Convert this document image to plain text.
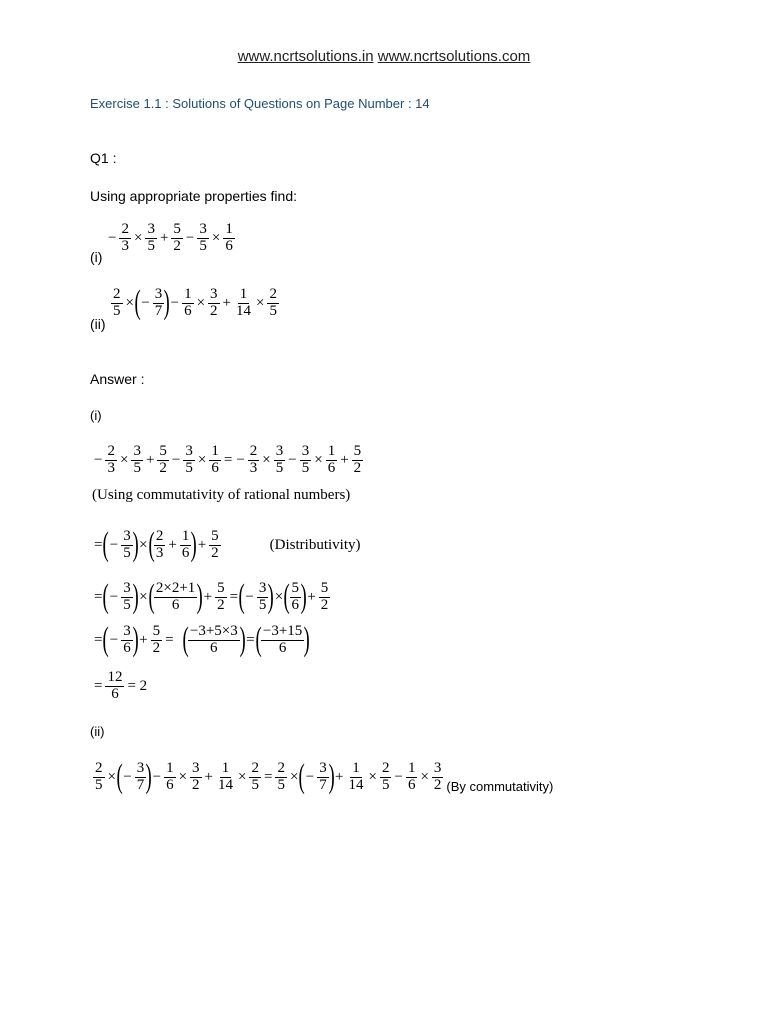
www.ncrtsolutions.in www.ncrtsolutions.com
Exercise 1.1 : Solutions of Questions on Page Number : 14
Q1 :
Using appropriate properties find:
(i)
− $\frac{2}{3} \times \frac{3}{5} + \frac{5}{2} - \frac{3}{5} \times \frac{1}{6}$
(ii)
$\frac{2}{5}$ × ( − $\frac{3}{7}$ ) − $\frac{1}{6} \times \frac{3}{2} + \frac{1}{14} \times \frac{2}{5}$
Answer :
(i)
− $\frac{2}{3} \times \frac{3}{5} + \frac{5}{2} - \frac{3}{5} \times \frac{1}{6}$ = − $\frac{2}{3} \times \frac{3}{5} - \frac{3}{5} \times \frac{1}{6} + \frac{5}{2}$
(Using commutativity of rational numbers)
= ( − $\frac{3}{5}$ ) × ( $\frac{2}{3} + \frac{1}{6}$ ) + $\frac{5}{2}$	(Distributivity)
= ( − $\frac{3}{5}$ ) × ( $\frac{2\times 2+1}{6}$ ) + $\frac{5}{2}$ = ( − $\frac{3}{5}$ ) × ( $\frac{5}{6}$ ) + $\frac{5}{2}$
= ( − $\frac{3}{6}$ ) + $\frac{5}{2}$ = ( $\frac{-3+5\times 3}{6}$ ) = ( $\frac{-3+15}{6}$ )
= $\frac{12}{6} = 2$
(ii)
$\frac{2}{5}$ × ( − $\frac{3}{7}$ ) − $\frac{1}{6} \times \frac{3}{2} + \frac{1}{14} \times \frac{2}{5} = \frac{2}{5}$ × ( − $\frac{3}{7}$ ) + $\frac{1}{14} \times \frac{2}{5} - \frac{1}{6} \times \frac{3}{2} (By$ commutativity)
